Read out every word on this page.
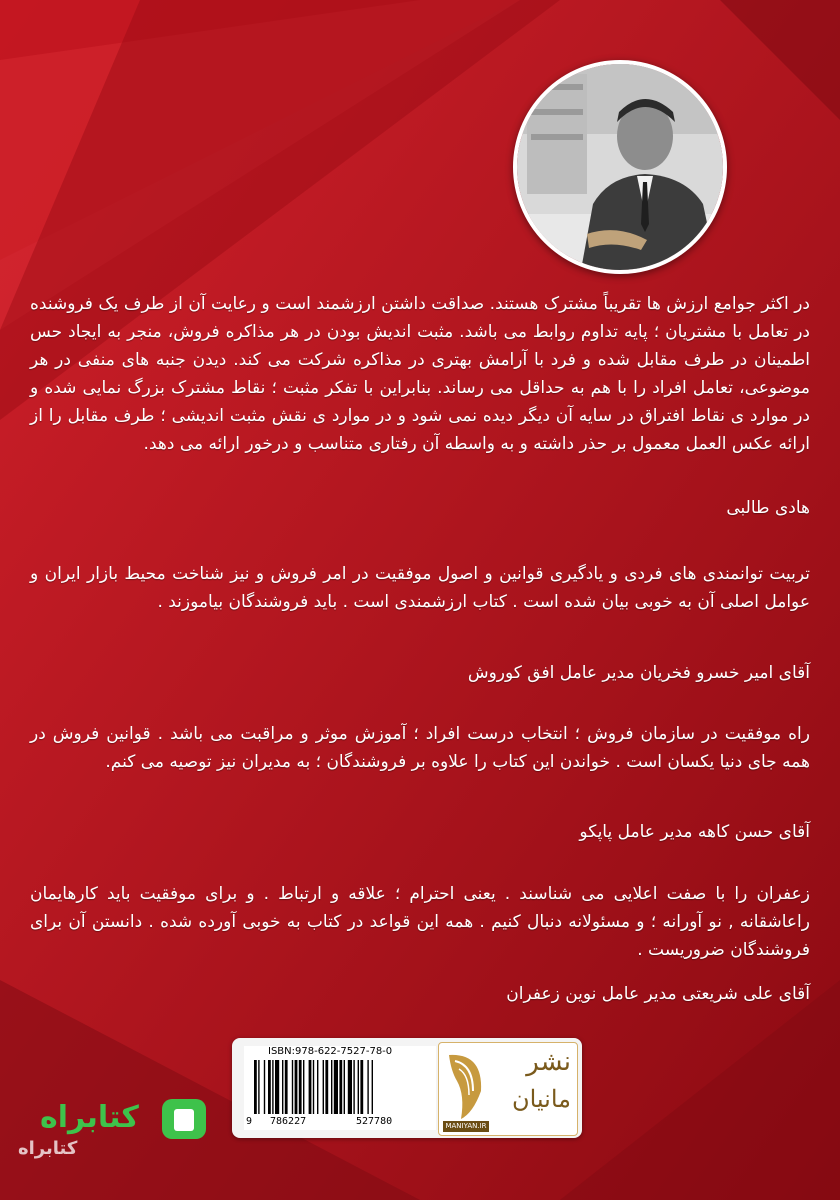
در اکثر جوامع ارزش ها تقریباً مشترک هستند. صداقت داشتن ارزشمند است و رعایت آن از طرف یک فروشنده در تعامل با مشتریان ؛ پایه تداوم روابط می باشد. مثبت اندیش بودن در هر مذاکره فروش، منجر به ایجاد حس اطمینان در طرف مقابل شده و فرد با آرامش بهتری در مذاکره شرکت می کند. دیدن جنبه های منفی در هر موضوعی، تعامل افراد را با هم به حداقل می رساند. بنابراین با تفکر مثبت ؛ نقاط مشترک بزرگ نمایی شده و در موارد ی نقاط افتراق در سایه آن دیگر دیده نمی شود و در موارد ی نقش مثبت اندیشی ؛ طرف مقابل را از ارائه عکس العمل معمول بر حذر داشته و به واسطه آن رفتاری متناسب و درخور ارائه می دهد.
هادی طالبی
تربیت توانمندی های فردی و یادگیری قوانین و اصول موفقیت در امر فروش و نیز شناخت محیط بازار ایران و عوامل اصلی آن به خوبی بیان شده است . کتاب ارزشمندی است . باید فروشندگان بیاموزند .
آقای امیر خسرو فخریان مدیر عامل افق کوروش
راه موفقیت در سازمان فروش ؛ انتخاب درست افراد ؛ آموزش موثر و مراقبت می باشد . قوانین فروش در همه جای دنیا یکسان است . خواندن این کتاب را علاوه بر فروشندگان ؛ به مدیران نیز توصیه می کنم.
آقای حسن کاهه مدیر عامل پاپکو
زعفران را با صفت اعلایی می شناسند . یعنی احترام ؛ علاقه و ارتباط . و برای موفقیت باید کارهایمان راعاشقانه , نو آورانه ؛ و مسئولانه دنبال کنیم . همه این قواعد در کتاب به خوبی آورده شده . دانستن آن برای فروشندگان ضروریست .
آقای علی شریعتی مدیر عامل نوین زعفران
ISBN:978-622-7527-78-0
9 786227	527780
نشر
مانیان
MANIYAN.IR
کتابراه
کتابراه
